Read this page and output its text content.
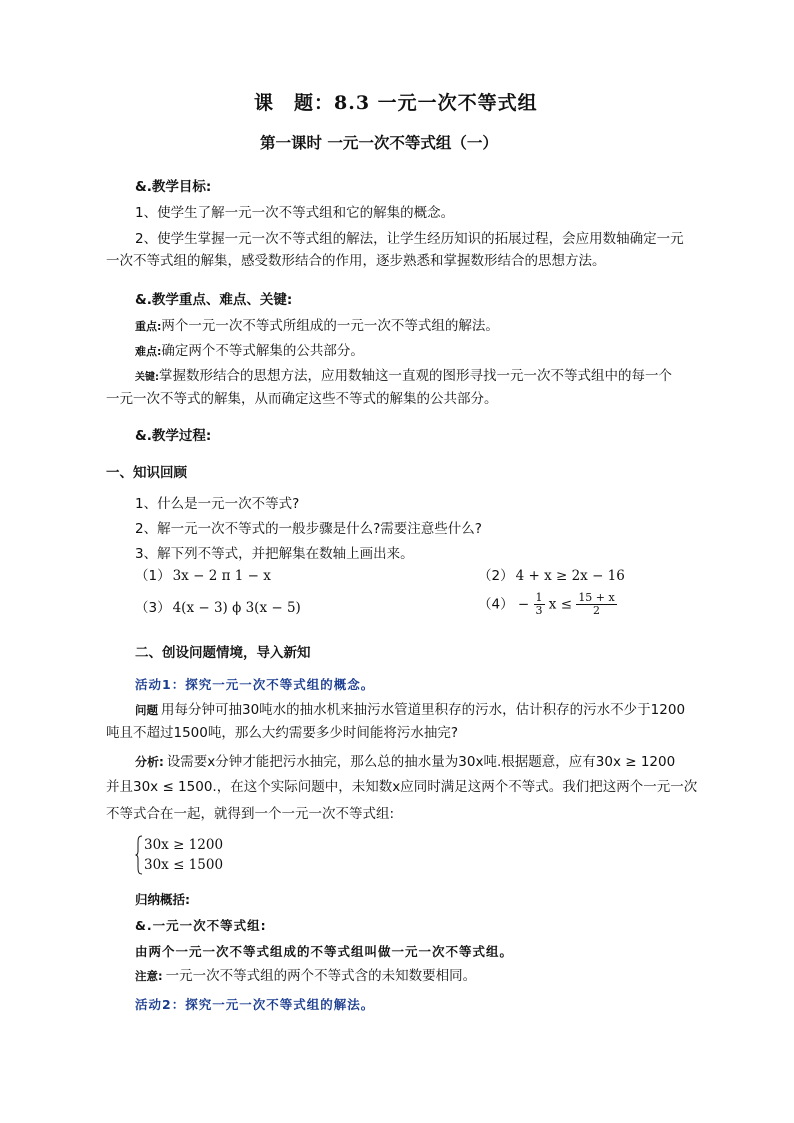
课　题：8.3 一元一次不等式组
第一课时 一元一次不等式组（一）
&.教学目标:
1、使学生了解一元一次不等式组和它的解集的概念。
2、使学生掌握一元一次不等式组的解法，让学生经历知识的拓展过程，会应用数轴确定一元
一次不等式组的解集，感受数形结合的作用，逐步熟悉和掌握数形结合的思想方法。
&.教学重点、难点、关键:
重点:两个一元一次不等式所组成的一元一次不等式组的解法。
难点:确定两个不等式解集的公共部分。
关键:掌握数形结合的思想方法，应用数轴这一直观的图形寻找一元一次不等式组中的每一个
一元一次不等式的解集，从而确定这些不等式的解集的公共部分。
&.教学过程:
一、知识回顾
1、什么是一元一次不等式?
2、解一元一次不等式的一般步骤是什么?需要注意些什么?
3、解下列不等式，并把解集在数轴上画出来。
（1） 3x − 2 π 1 − x	（2） 4 + x ≥ 2x − 16
（3） 4(x − 3) ϕ 3(x − 5)	$(4) - \frac{1}{3}$ $x \le \frac{15 + x}{2}$
二、创设问题情境，导入新知
活动1：探究一元一次不等式组的概念。
问题 用每分钟可抽30吨水的抽水机来抽污水管道里积存的污水，估计积存的污水不少于1200
吨且不超过1500吨，那么大约需要多少时间能将污水抽完?
分析: 设需要x分钟才能把污水抽完，那么总的抽水量为30x吨.根据题意，应有30x ≥ 1200
并且30x ≤ 1500.，在这个实际问题中，未知数x应同时满足这两个不等式。我们把这两个一元一次
不等式合在一起，就得到一个一元一次不等式组:
30x ≥ 1200
30x ≤ 1500
归纳概括:
&.一元一次不等式组:
由两个一元一次不等式组成的不等式组叫做一元一次不等式组。
注意: 一元一次不等式组的两个不等式含的未知数要相同。
活动2：探究一元一次不等式组的解法。
